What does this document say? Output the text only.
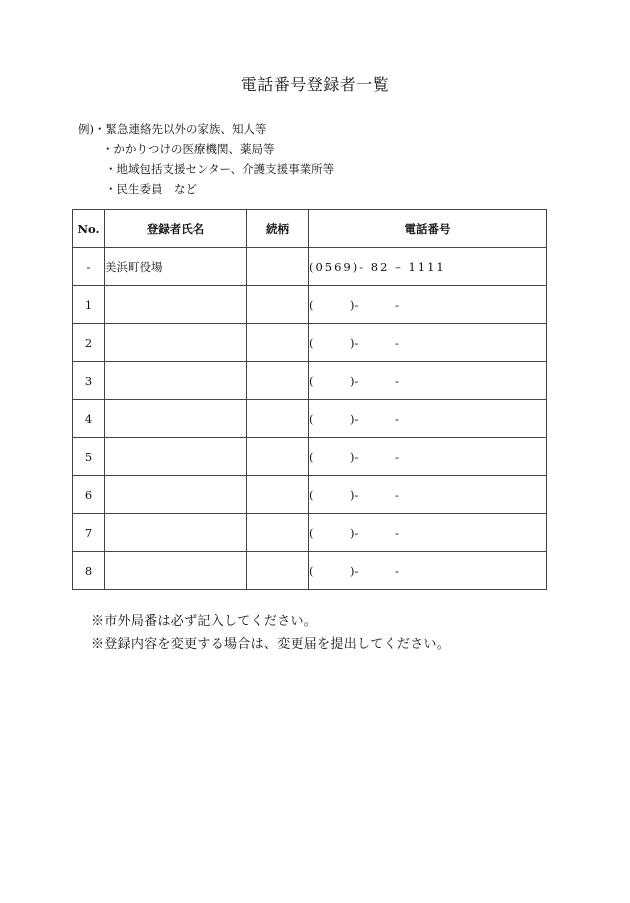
電話番号登録者一覧
例)・緊急連絡先以外の家族、知人等
・かかりつけの医療機関、薬局等
・地域包括支援センター、介護支援事業所等
・民生委員　など
No.	登録者氏名	続柄	電話番号
-	美浜町役場		(0569)- 82 – 1111
1			(          )-          -
2			(          )-          -
3			(          )-          -
4			(          )-          -
5			(          )-          -
6			(          )-          -
7			(          )-          -
8			(          )-          -
※市外局番は必ず記入してください。
※登録内容を変更する場合は、変更届を提出してください。
